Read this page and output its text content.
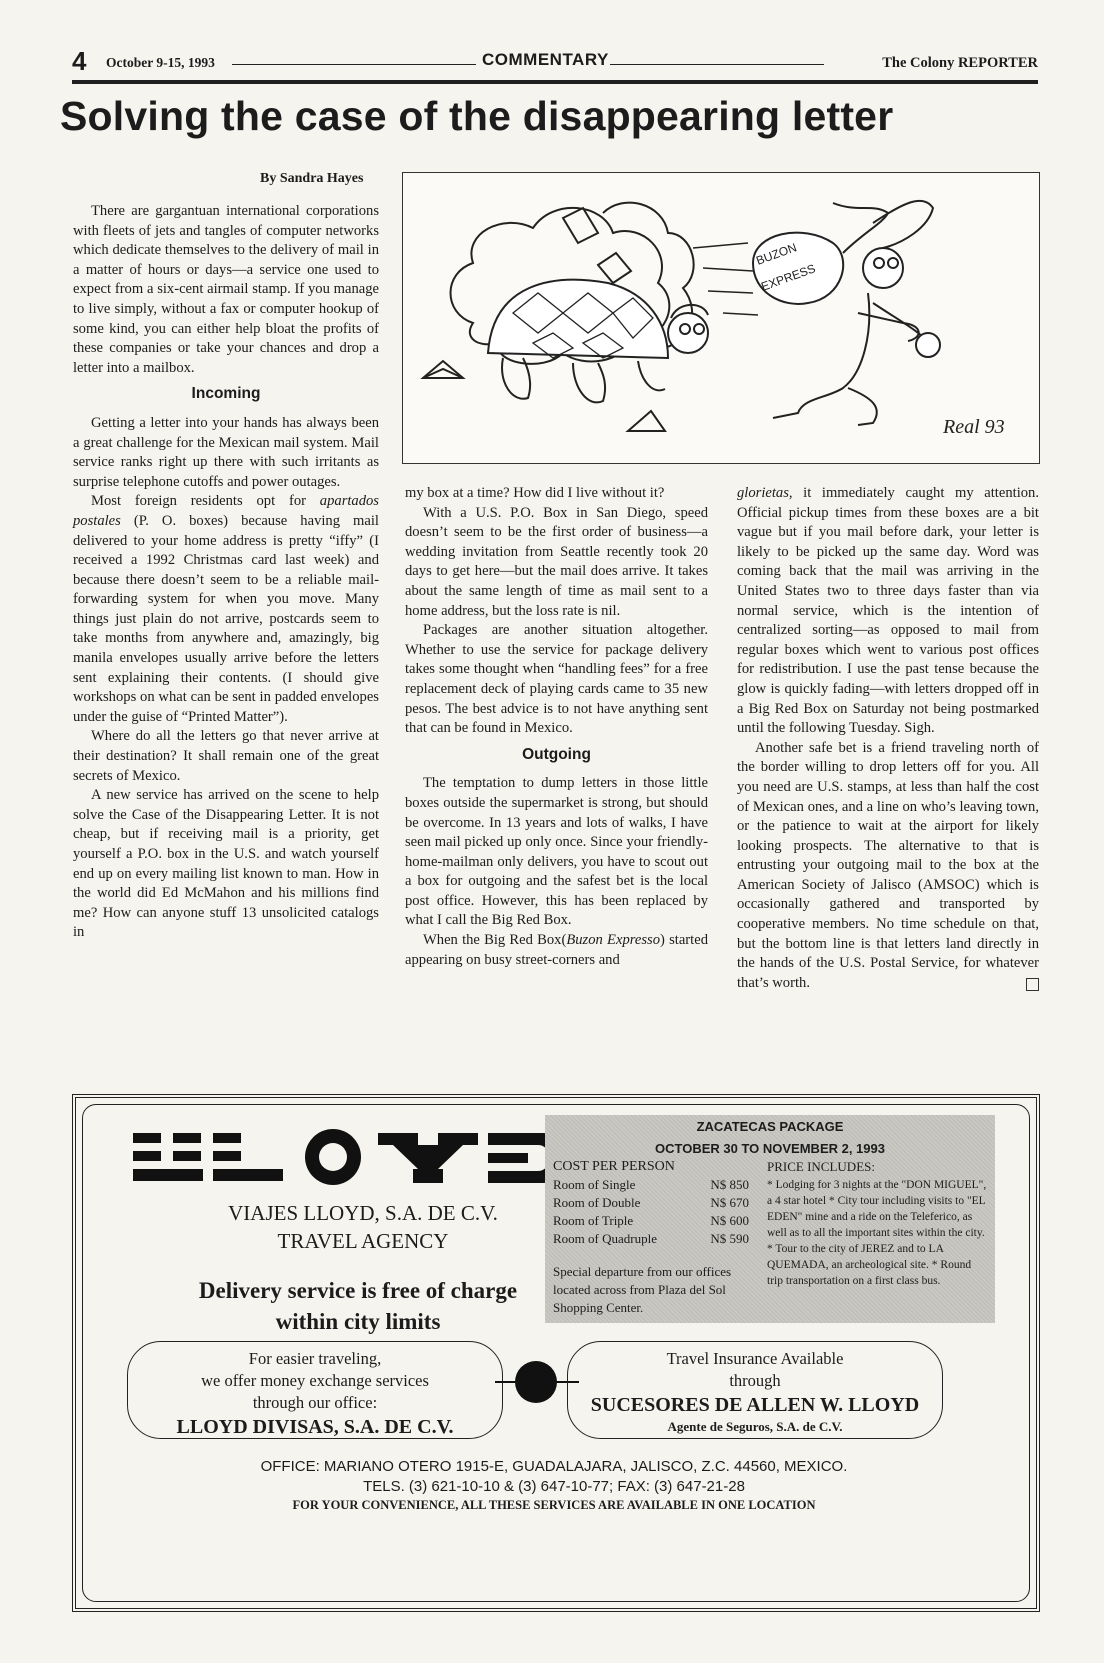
4 October 9-15, 1993	COMMENTARY	The Colony REPORTER
Solving the case of the disappearing letter
By Sandra Hayes

There are gargantuan international corporations with fleets of jets and tangles of computer networks which dedicate themselves to the delivery of mail in a matter of hours or days—a service one used to expect from a six-cent airmail stamp. If you manage to live simply, without a fax or computer hookup of some kind, you can either help bloat the profits of these companies or take your chances and drop a letter into a mailbox.

Incoming

Getting a letter into your hands has always been a great challenge for the Mexican mail system. Mail service ranks right up there with such irritants as surprise telephone cutoffs and power outages.

Most foreign residents opt for apartados postales (P. O. boxes) because having mail delivered to your home address is pretty “iffy” (I received a 1992 Christmas card last week) and because there doesn’t seem to be a reliable mail-forwarding system for when you move. Many things just plain do not arrive, postcards seem to take months from anywhere and, amazingly, big manila envelopes usually arrive before the letters sent explaining their contents. (I should give workshops on what can be sent in padded envelopes under the guise of “Printed Matter”).

Where do all the letters go that never arrive at their destination? It shall remain one of the great secrets of Mexico.

A new service has arrived on the scene to help solve the Case of the Disappearing Letter. It is not cheap, but if receiving mail is a priority, get yourself a P.O. box in the U.S. and watch yourself end up on every mailing list known to man. How in the world did Ed McMahon and his millions find me? How can anyone stuff 13 unsolicited catalogs in

BUZON
EXPRESS
Real 93

my box at a time? How did I live without it?

With a U.S. P.O. Box in San Diego, speed doesn’t seem to be the first order of business—a wedding invitation from Seattle recently took 20 days to get here—but the mail does arrive. It takes about the same length of time as mail sent to a home address, but the loss rate is nil.

Packages are another situation altogether. Whether to use the service for package delivery takes some thought when “handling fees” for a free replacement deck of playing cards came to 35 new pesos. The best advice is to not have anything sent that can be found in Mexico.

Outgoing

The temptation to dump letters in those little boxes outside the supermarket is strong, but should be overcome. In 13 years and lots of walks, I have seen mail picked up only once. Since your friendly-home-mailman only delivers, you have to scout out a box for outgoing and the safest bet is the local post office. However, this has been replaced by what I call the Big Red Box.

When the Big Red Box(Buzon Expresso) started appearing on busy street-corners and

glorietas, it immediately caught my attention. Official pickup times from these boxes are a bit vague but if you mail before dark, your letter is likely to be picked up the same day. Word was coming back that the mail was arriving in the United States two to three days faster than via normal service, which is the intention of centralized sorting—as opposed to mail from regular boxes which went to various post offices for redistribution. I use the past tense because the glow is quickly fading—with letters dropped off in a Big Red Box on Saturday not being postmarked until the following Tuesday. Sigh.

Another safe bet is a friend traveling north of the border willing to drop letters off for you. All you need are U.S. stamps, at less than half the cost of Mexican ones, and a line on who’s leaving town, or the patience to wait at the airport for likely looking prospects. The alternative to that is entrusting your outgoing mail to the box at the American Society of Jalisco (AMSOC) which is occasionally gathered and transported by cooperative members. No time schedule on that, but the bottom line is that letters land directly in the hands of the U.S. Postal Service, for whatever that’s worth.

LLOYD
VIAJES LLOYD, S.A. DE C.V.
TRAVEL AGENCY
Delivery service is free of charge
within city limits
ZACATECAS PACKAGE
OCTOBER 30 TO NOVEMBER 2, 1993
COST PER PERSON	PRICE INCLUDES:
Room of Single	N$ 850
Room of Double	N$ 670
Room of Triple	N$ 600
Room of Quadruple	N$ 590
* Lodging for 3 nights at the "DON MIGUEL", a 4 star hotel * City tour including visits to "EL EDEN" mine and a ride on the Teleferico, as well as to all the important sites within the city. * Tour to the city of JEREZ and to LA QUEMADA, an archeological site. * Round trip transportation on a first class bus.
Special departure from our offices located across from Plaza del Sol Shopping Center.
For easier traveling,
we offer money exchange services
through our office:
LLOYD DIVISAS, S.A. DE C.V.
Travel Insurance Available
through
SUCESORES DE ALLEN W. LLOYD
Agente de Seguros, S.A. de C.V.
OFFICE: MARIANO OTERO 1915-E, GUADALAJARA, JALISCO, Z.C. 44560, MEXICO.
TELS. (3) 621-10-10 & (3) 647-10-77; FAX: (3) 647-21-28
FOR YOUR CONVENIENCE, ALL THESE SERVICES ARE AVAILABLE IN ONE LOCATION
